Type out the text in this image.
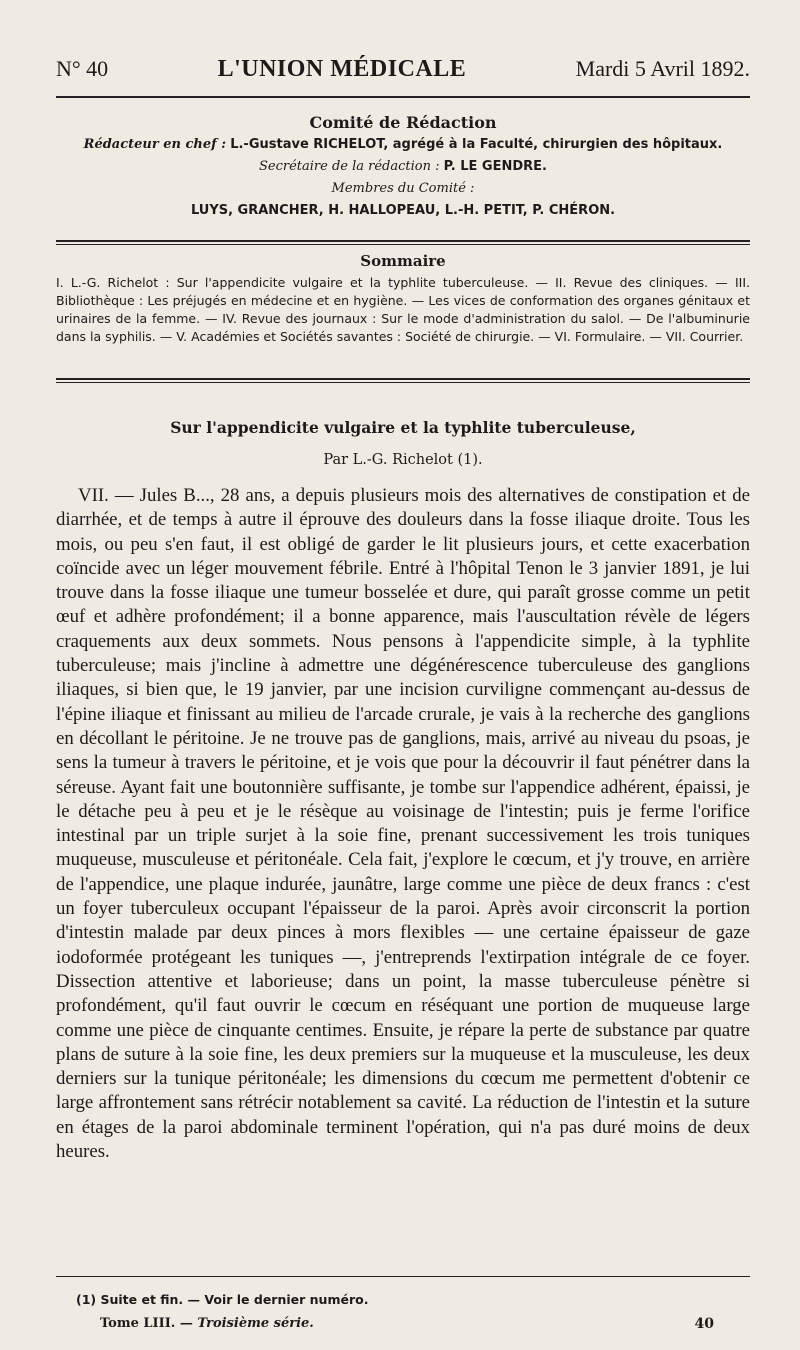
N° 40	L'UNION MÉDICALE	Mardi 5 Avril 1892.
Comité de Rédaction
Rédacteur en chef : L.-Gustave RICHELOT, agrégé à la Faculté, chirurgien des hôpitaux.
Secrétaire de la rédaction : P. LE GENDRE.
Membres du Comité :
LUYS, GRANCHER, H. HALLOPEAU, L.-H. PETIT, P. CHÉRON.
Sommaire

I. L.-G. Richelot : Sur l'appendicite vulgaire et la typhlite tuberculeuse. — II. Revue des cliniques. — III. Bibliothèque : Les préjugés en médecine et en hygiène. — Les vices de conformation des organes génitaux et urinaires de la femme. — IV. Revue des journaux : Sur le mode d'administration du salol. — De l'albuminurie dans la syphilis. — V. Académies et Sociétés savantes : Société de chirurgie. — VI. Formulaire. — VII. Courrier.

Sur l'appendicite vulgaire et la typhlite tuberculeuse,
Par L.-G. Richelot (1).

VII. — Jules B..., 28 ans, a depuis plusieurs mois des alternatives de constipation et de diarrhée, et de temps à autre il éprouve des douleurs dans la fosse iliaque droite. Tous les mois, ou peu s'en faut, il est obligé de garder le lit plusieurs jours, et cette exacerbation coïncide avec un léger mouvement fébrile. Entré à l'hôpital Tenon le 3 janvier 1891, je lui trouve dans la fosse iliaque une tumeur bosselée et dure, qui paraît grosse comme un petit œuf et adhère profondément; il a bonne apparence, mais l'auscultation révèle de légers craquements aux deux sommets. Nous pensons à l'appendicite simple, à la typhlite tuberculeuse; mais j'incline à admettre une dégénérescence tuberculeuse des ganglions iliaques, si bien que, le 19 janvier, par une incision curviligne commençant au-dessus de l'épine iliaque et finissant au milieu de l'arcade crurale, je vais à la recherche des ganglions en décollant le péritoine. Je ne trouve pas de ganglions, mais, arrivé au niveau du psoas, je sens la tumeur à travers le péritoine, et je vois que pour la découvrir il faut pénétrer dans la séreuse. Ayant fait une boutonnière suffisante, je tombe sur l'appendice adhérent, épaissi, je le détache peu à peu et je le résèque au voisinage de l'intestin; puis je ferme l'orifice intestinal par un triple surjet à la soie fine, prenant successivement les trois tuniques muqueuse, musculeuse et péritonéale. Cela fait, j'explore le cœcum, et j'y trouve, en arrière de l'appendice, une plaque indurée, jaunâtre, large comme une pièce de deux francs : c'est un foyer tuberculeux occupant l'épaisseur de la paroi. Après avoir circonscrit la portion d'intestin malade par deux pinces à mors flexibles — une certaine épaisseur de gaze iodoformée protégeant les tuniques —, j'entreprends l'extirpation intégrale de ce foyer. Dissection attentive et laborieuse; dans un point, la masse tuberculeuse pénètre si profondément, qu'il faut ouvrir le cœcum en réséquant une portion de muqueuse large comme une pièce de cinquante centimes. Ensuite, je répare la perte de substance par quatre plans de suture à la soie fine, les deux premiers sur la muqueuse et la musculeuse, les deux derniers sur la tunique péritonéale; les dimensions du cœcum me permettent d'obtenir ce large affrontement sans rétrécir notablement sa cavité. La réduction de l'intestin et la suture en étages de la paroi abdominale terminent l'opération, qui n'a pas duré moins de deux heures.

(1) Suite et fin. — Voir le dernier numéro.
Tome LIII. — Troisième série.	40
